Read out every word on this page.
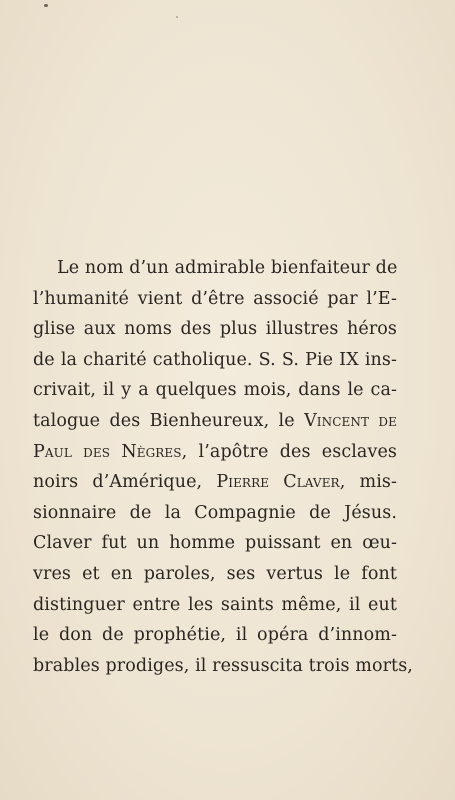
Le nom d’un admirable bienfaiteur de
l’humanité vient d’être associé par l’E-
glise aux noms des plus illustres héros
de la charité catholique. S. S. Pie IX ins-
crivait, il y a quelques mois, dans le ca-
talogue des Bienheureux, le Vincent de
Paul des Nègres, l’apôtre des esclaves
noirs d’Amérique, Pierre Claver, mis-
sionnaire de la Compagnie de Jésus.
Claver fut un homme puissant en œu-
vres et en paroles, ses vertus le font
distinguer entre les saints même, il eut
le don de prophétie, il opéra d’innom-
brables prodiges, il ressuscita trois morts,
